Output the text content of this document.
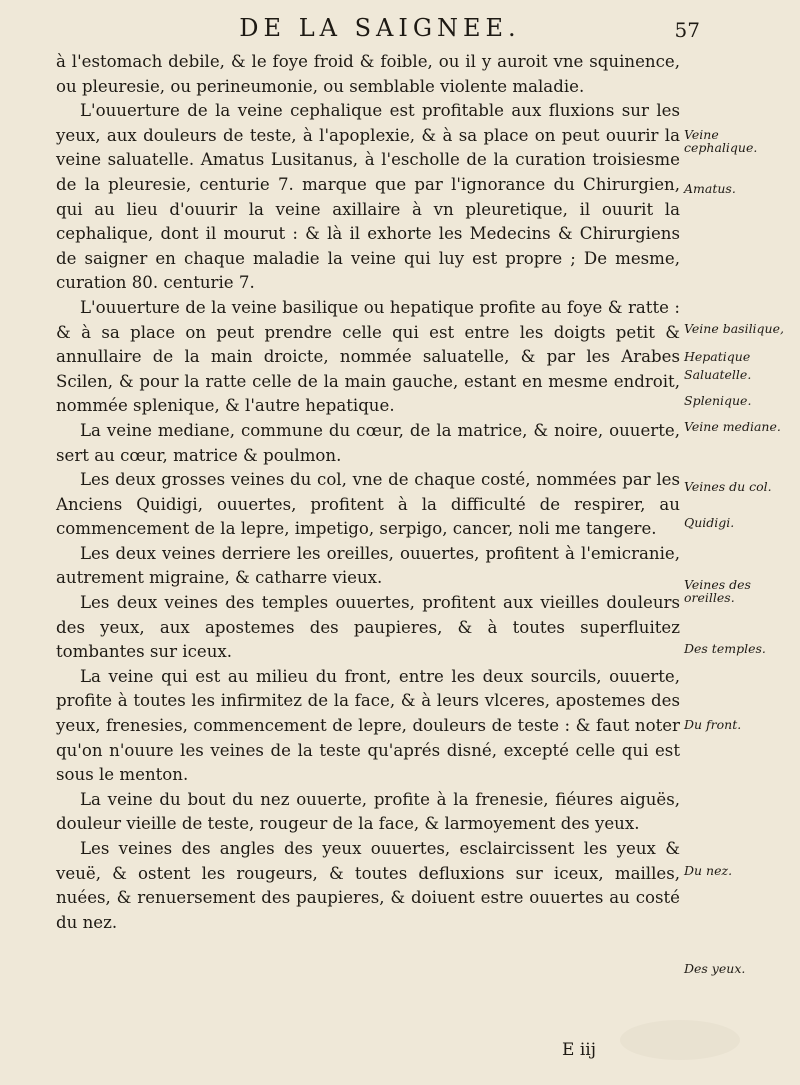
DE LA SAIGNEE.	57

à l'estomach debile, & le foye froid & foible, ou il y auroit vne squinence, ou pleuresie, ou perineumonie, ou semblable violente maladie.

L'ouuerture de la veine cephalique est profitable aux fluxions sur les yeux, aux douleurs de teste, à l'apoplexie, & à sa place on peut ouurir la veine saluatelle. Amatus Lusitanus, à l'escholle de la curation troisiesme de la pleuresie, centurie 7. marque que par l'ignorance du Chirurgien, qui au lieu d'ouurir la veine axillaire à vn pleuretique, il ouurit la cephalique, dont il mourut : & là il exhorte les Medecins & Chirurgiens de saigner en chaque maladie la veine qui luy est propre ; De mesme, curation 80. centurie 7.

L'ouuerture de la veine basilique ou hepatique profite au foye & ratte : & à sa place on peut prendre celle qui est entre les doigts petit & annullaire de la main droicte, nommée saluatelle, & par les Arabes Scilen, & pour la ratte celle de la main gauche, estant en mesme endroit, nommée splenique, & l'autre hepatique.

La veine mediane, commune du cœur, de la matrice, & noire, ouuerte, sert au cœur, matrice & poulmon.

Les deux grosses veines du col, vne de chaque costé, nommées par les Anciens Quidigi, ouuertes, profitent à la difficulté de respirer, au commencement de la lepre, impetigo, serpigo, cancer, noli me tangere.

Les deux veines derriere les oreilles, ouuertes, profitent à l'emicranie, autrement migraine, & catharre vieux.

Les deux veines des temples ouuertes, profitent aux vieilles douleurs des yeux, aux apostemes des paupieres, & à toutes superfluitez tombantes sur iceux.

La veine qui est au milieu du front, entre les deux sourcils, ouuerte, profite à toutes les infirmitez de la face, & à leurs vlceres, apostemes des yeux, frenesies, commencement de lepre, douleurs de teste : & faut noter qu'on n'ouure les veines de la teste qu'aprés disné, excepté celle qui est sous le menton.

La veine du bout du nez ouuerte, profite à la frenesie, fiéures aiguës, douleur vieille de teste, rougeur de la face, & larmoyement des yeux.

Les veines des angles des yeux ouuertes, esclaircissent les yeux & veuë, & ostent les rougeurs, & toutes defluxions sur iceux, mailles, nuées, & renuersement des paupieres, & doiuent estre ouuertes au costé du nez.

Veine cephalique.
Amatus.
Veine basilique,
Hepatique
Saluatelle.
Splenique.
Veine mediane.
Veines du col.
Quidigi.
Veines des oreilles.
Des temples.
Du front.
Du nez.
Des yeux.
E iij
